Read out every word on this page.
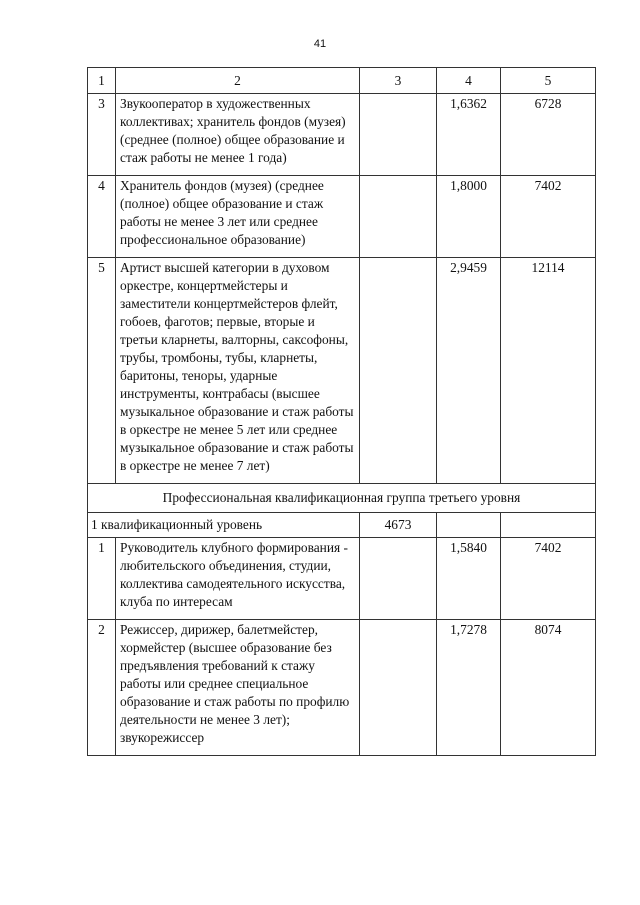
41
1	2	3	4	5
3	Звукооператор в художественных коллективах; хранитель фондов (музея) (среднее (полное) общее образование и стаж работы не менее 1 года)		1,6362	6728
4	Хранитель фондов (музея) (среднее (полное) общее образование и стаж работы не менее 3 лет или среднее профессиональное образование)		1,8000	7402
5	Артист высшей категории в духовом оркестре, концертмейстеры и заместители концертмейстеров флейт, гобоев, фаготов; первые, вторые и третьи кларнеты, валторны, саксофоны, трубы, тромбоны, тубы, кларнеты, баритоны, теноры, ударные инструменты, контрабасы (высшее музыкальное образование и стаж работы в оркестре не менее 5 лет или среднее музыкальное образование и стаж работы в оркестре не менее 7 лет)		2,9459	12114
Профессиональная квалификационная группа третьего уровня				
1 квалификационный уровень		4673		
1	Руководитель клубного формирования - любительского объединения, студии, коллектива самодеятельного искусства, клуба по интересам		1,5840	7402
2	Режиссер, дирижер, балетмейстер, хормейстер (высшее образование без предъявления требований к стажу работы или среднее специальное образование и стаж работы по профилю деятельности не менее 3 лет); звукорежиссер		1,7278	8074
